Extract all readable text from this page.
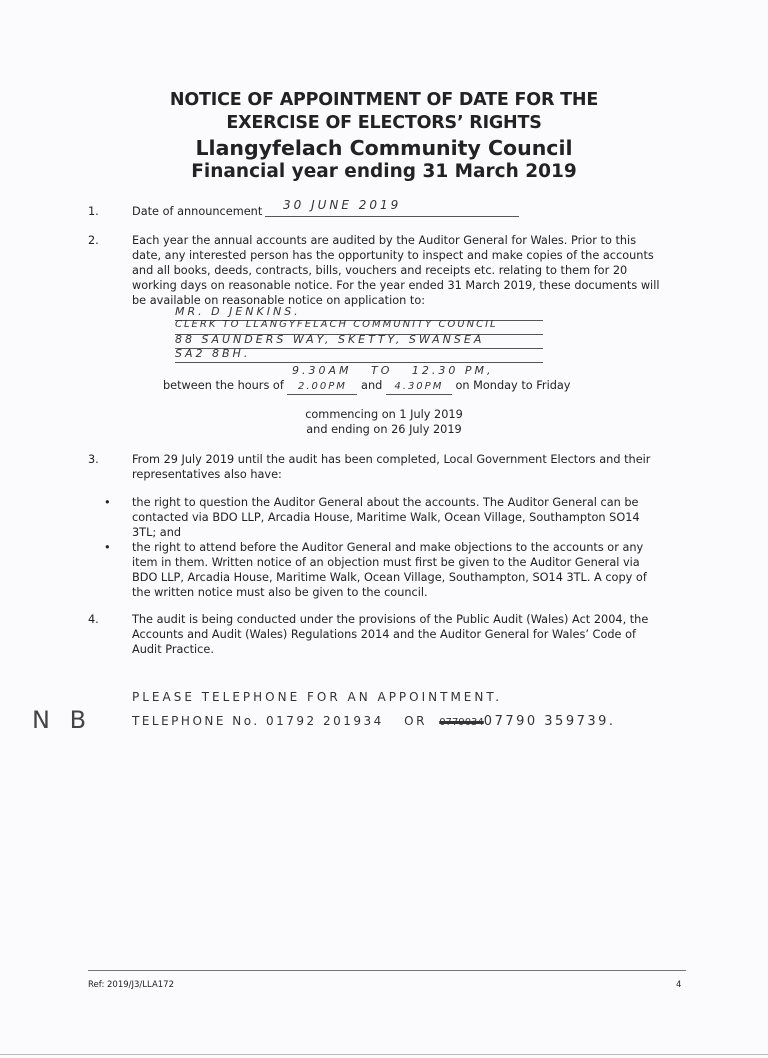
NOTICE OF APPOINTMENT OF DATE FOR THE
EXERCISE OF ELECTORS’ RIGHTS
Llangyfelach Community Council
Financial year ending 31 March 2019
1.	Date of announcement 30 JUNE 2019
2.	Each year the annual accounts are audited by the Auditor General for Wales. Prior to this date, any interested person has the opportunity to inspect and make copies of the accounts and all books, deeds, contracts, bills, vouchers and receipts etc. relating to them for 20 working days on reasonable notice. For the year ended 31 March 2019, these documents will be available on reasonable notice on application to:
MR. D JENKINS.
CLERK TO LLANGYFELACH COMMUNITY COUNCIL
88 SAUNDERS WAY, SKETTY, SWANSEA
SA2 8BH.
9.30AM   TO   12.30 PM,
between the hours of 2.00PM and 4.30PM on Monday to Friday
commencing on 1 July 2019
and ending on 26 July 2019
3.	From 29 July 2019 until the audit has been completed, Local Government Electors and their representatives also have:
• the right to question the Auditor General about the accounts. The Auditor General can be contacted via BDO LLP, Arcadia House, Maritime Walk, Ocean Village, Southampton SO14 3TL; and
• the right to attend before the Auditor General and make objections to the accounts or any item in them. Written notice of an objection must first be given to the Auditor General via BDO LLP, Arcadia House, Maritime Walk, Ocean Village, Southampton, SO14 3TL. A copy of the written notice must also be given to the council.
4.	The audit is being conducted under the provisions of the Public Audit (Wales) Act 2004, the Accounts and Audit (Wales) Regulations 2014 and the Auditor General for Wales’ Code of Audit Practice.
N B
PLEASE TELEPHONE FOR AN APPOINTMENT.
TELEPHONE No. 01792 201934 OR 077903407790 359739.
Ref: 2019/J3/LLA172	4
